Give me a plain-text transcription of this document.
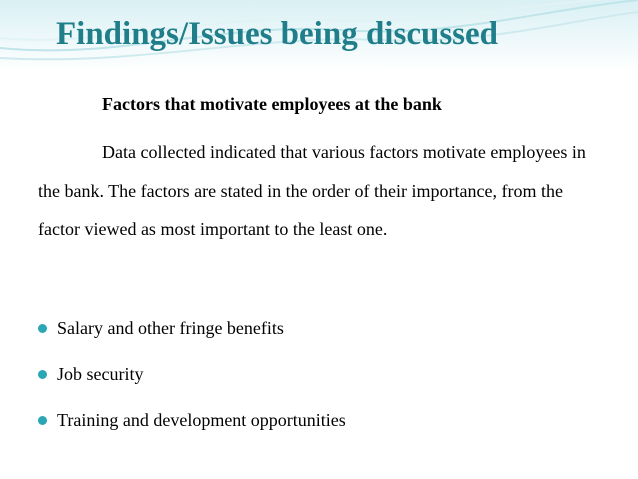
Findings/Issues being discussed
Factors that motivate employees at the bank

Data collected indicated that various factors motivate employees in the bank. The factors are stated in the order of their importance, from the factor viewed as most important to the least one.

Salary and other fringe benefits
Job security
Training and development opportunities
